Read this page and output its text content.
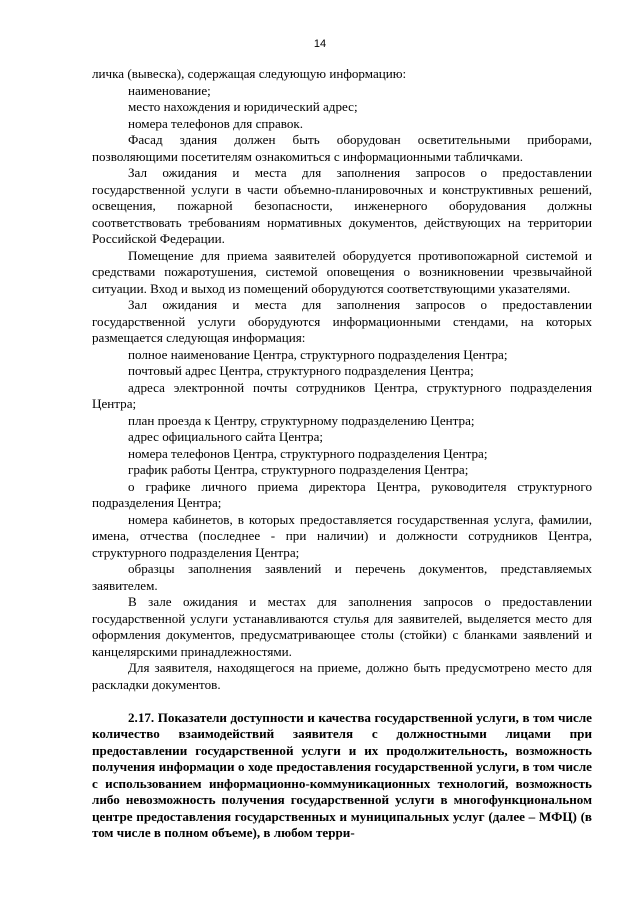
14

личка (вывеска), содержащая следующую информацию:

наименование;

место нахождения и юридический адрес;

номера телефонов для справок.

Фасад здания должен быть оборудован осветительными приборами, позволяющими посетителям ознакомиться с информационными табличками.

Зал ожидания и места для заполнения запросов о предоставлении государственной услуги в части объемно-планировочных и конструктивных решений, освещения, пожарной безопасности, инженерного оборудования должны соответствовать требованиям нормативных документов, действующих на территории Российской Федерации.

Помещение для приема заявителей оборудуется противопожарной системой и средствами пожаротушения, системой оповещения о возникновении чрезвычайной ситуации. Вход и выход из помещений оборудуются соответствующими указателями.

Зал ожидания и места для заполнения запросов о предоставлении государственной услуги оборудуются информационными стендами, на которых размещается следующая информация:

полное наименование Центра, структурного подразделения Центра;

почтовый адрес Центра, структурного подразделения Центра;

адреса электронной почты сотрудников Центра, структурного подразделения Центра;

план проезда к Центру, структурному подразделению Центра;

адрес официального сайта Центра;

номера телефонов Центра, структурного подразделения Центра;

график работы Центра, структурного подразделения Центра;

о графике личного приема директора Центра, руководителя структурного подразделения Центра;

номера кабинетов, в которых предоставляется государственная услуга, фамилии, имена, отчества (последнее - при наличии) и должности сотрудников Центра, структурного подразделения Центра;

образцы заполнения заявлений и перечень документов, представляемых заявителем.

В зале ожидания и местах для заполнения запросов о предоставлении государственной услуги устанавливаются стулья для заявителей, выделяется место для оформления документов, предусматривающее столы (стойки) с бланками заявлений и канцелярскими принадлежностями.

Для заявителя, находящегося на приеме, должно быть предусмотрено место для раскладки документов.

2.17. Показатели доступности и качества государственной услуги, в том числе количество взаимодействий заявителя с должностными лицами при предоставлении государственной услуги и их продолжительность, возможность получения информации о ходе предоставления государственной услуги, в том числе с использованием информационно-коммуникационных технологий, возможность либо невозможность получения государственной услуги в многофункциональном центре предоставления государственных и муниципальных услуг (далее – МФЦ) (в том числе в полном объеме), в любом терри-
